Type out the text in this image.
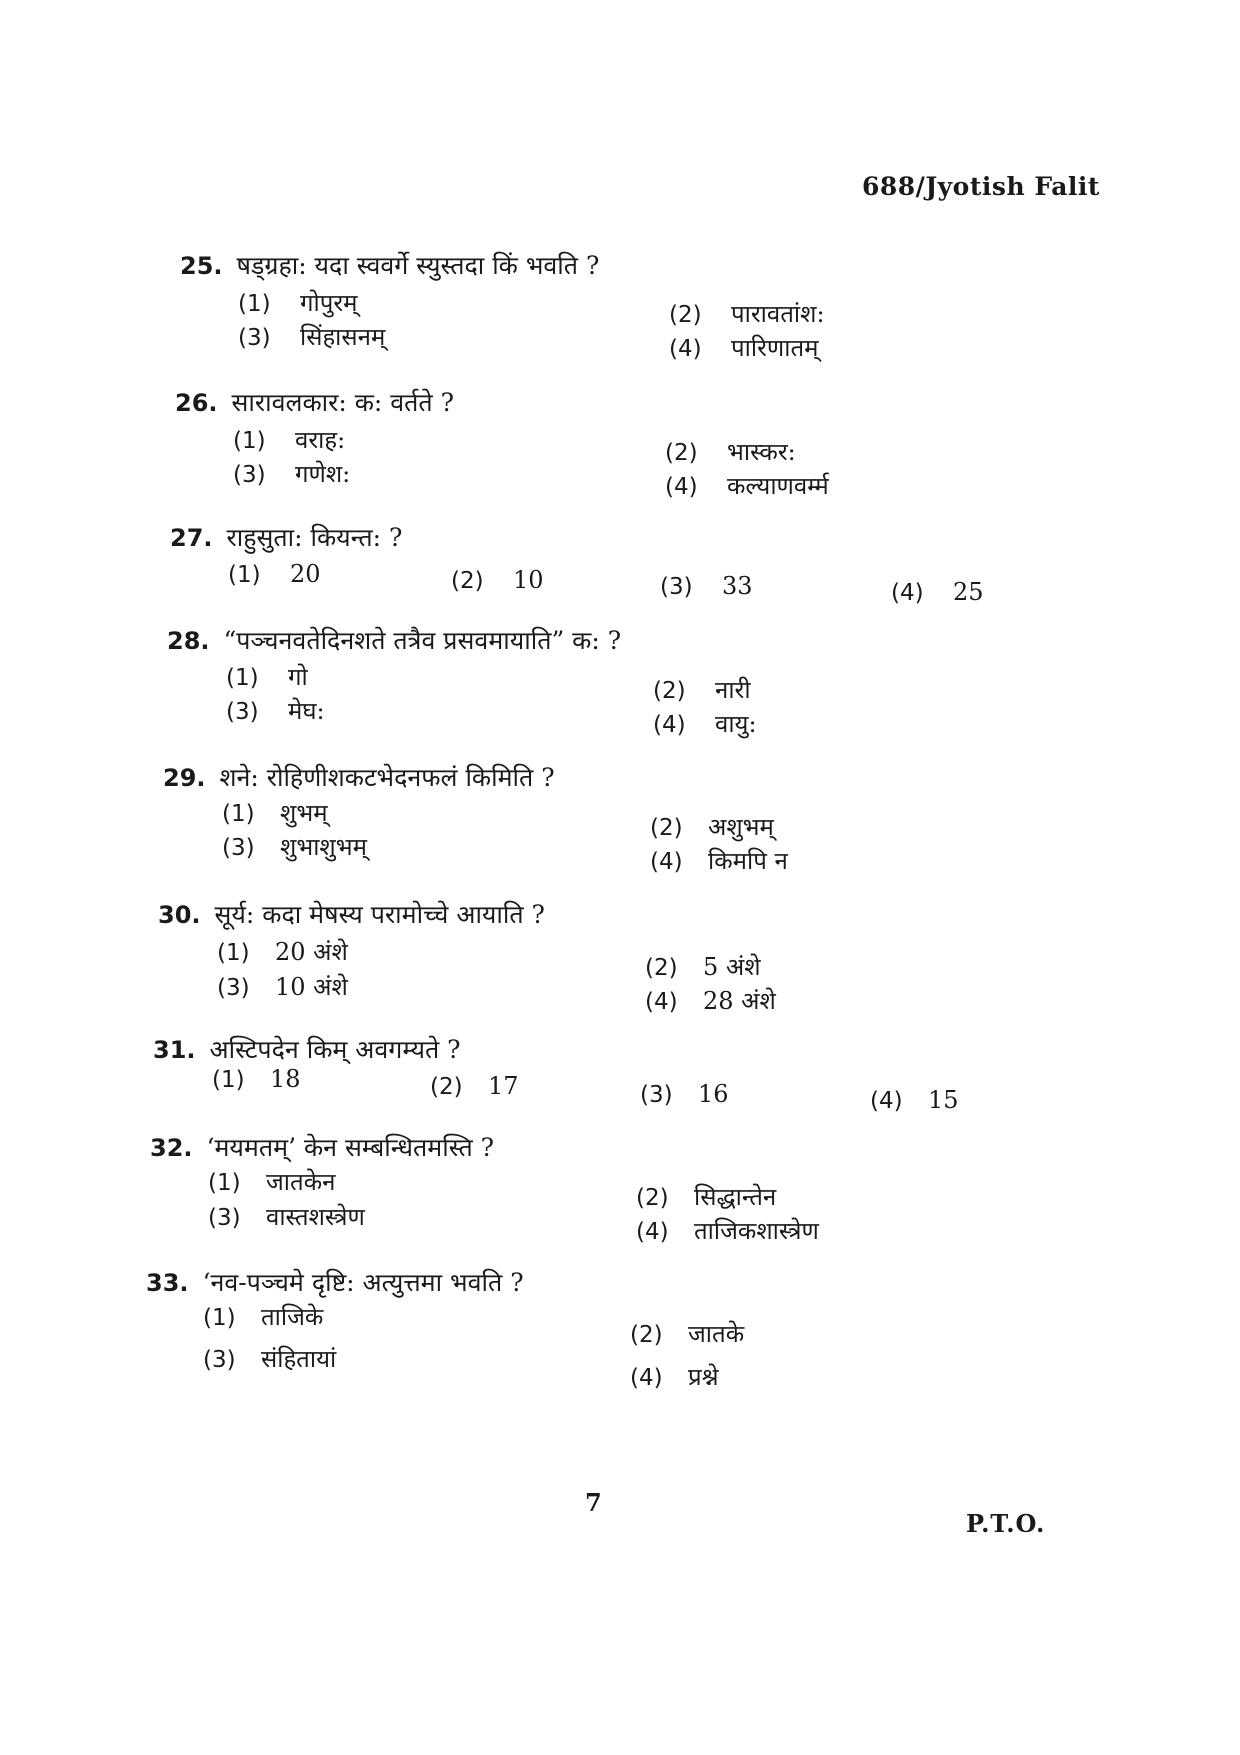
688/Jyotish Falit
25. षड्ग्रहा: यदा स्ववर्गे स्युस्तदा किं भवति ?
(1) गोपुरम्	(2) पारावतांश:
(3) सिंहासनम्	(4) पारिणातम्
26. सारावलकार: क: वर्तते ?
(1) वराह:	(2) भास्कर:
(3) गणेश:	(4) कल्याणवर्म्म
27. राहुसुता: कियन्त: ?
(1) 20	(2) 10	(3) 33	(4) 25
28. “पञ्चनवतेदिनशते तत्रैव प्रसवमायाति” क: ?
(1) गो	(2) नारी
(3) मेघ:	(4) वायु:
29. शने: रोहिणीशकटभेदनफलं किमिति ?
(1) शुभम्
(2) अशुभम्
(3) शुभाशुभम्
(4) किमपि न
30. सूर्य: कदा मेषस्य परामोच्चे आयाति ?
(1) 20 अंशे
(2) 5 अंशे
(3) 10 अंशे
(4) 28 अंशे
31. अस्टिपदेन किम् अवगम्यते ?
(1) 18	(2) 17	(3) 16	(4) 15
32. ‘मयमतम्’ केन सम्बन्धितमस्ति ?
(1) जातकेन
(2) सिद्धान्तेन
(3) वास्तशस्त्रेण
(4) ताजिकशास्त्रेण
33. ‘नव-पञ्चमे दृष्टि: अत्युत्तमा भवति ?
(1) ताजिके
(2) जातके
(3) संहितायां
(4) प्रश्ने
7
P.T.O.
